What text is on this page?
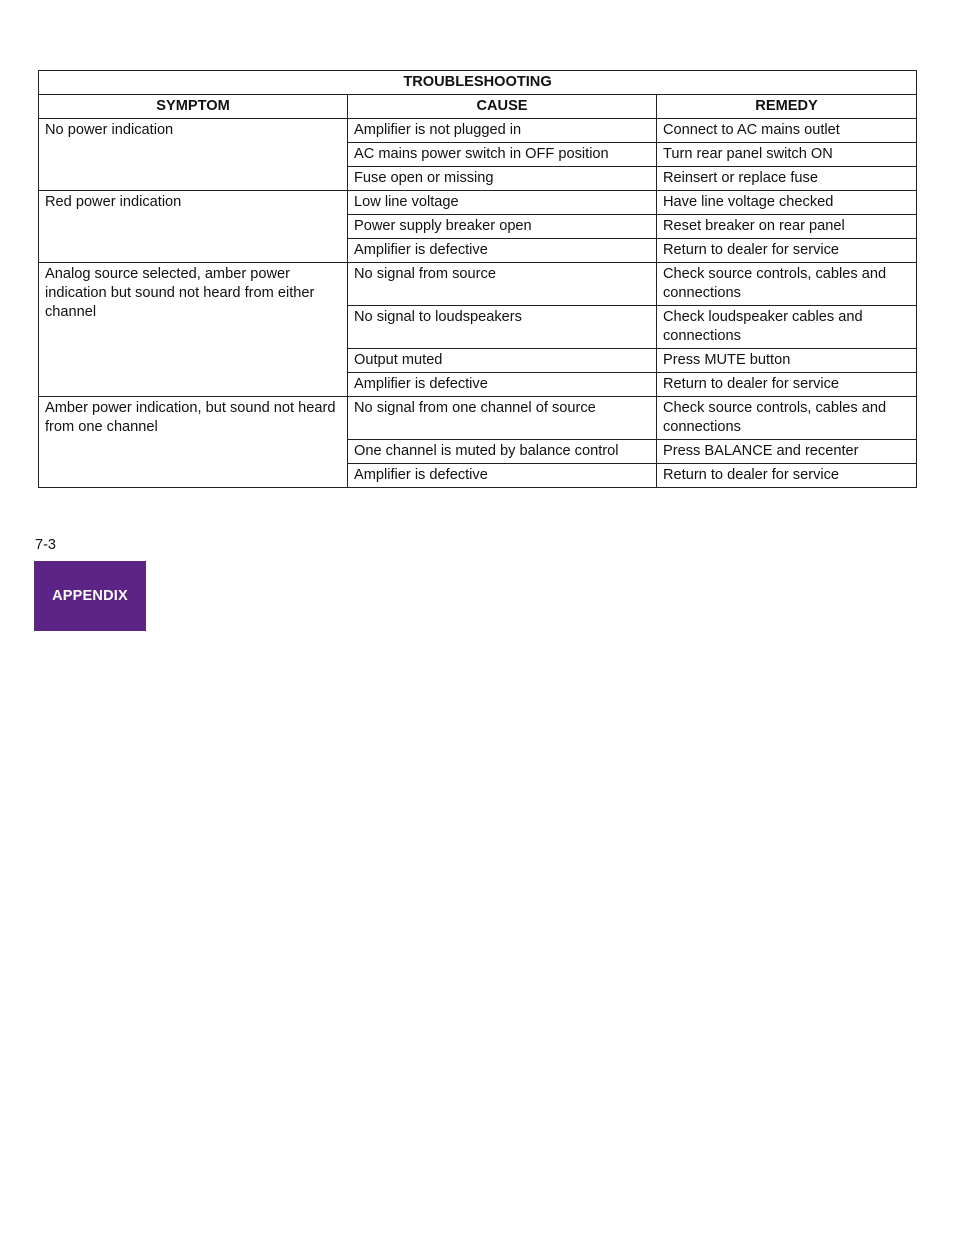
TROUBLESHOOTING		
SYMPTOM	CAUSE	REMEDY
No power indication	Amplifier is not plugged in	Connect to AC mains outlet
	AC mains power switch in OFF position	Turn rear panel switch ON
	Fuse open or missing	Reinsert or replace fuse
Red power indication	Low line voltage	Have line voltage checked
	Power supply breaker open	Reset breaker on rear panel
	Amplifier is defective	Return to dealer for service
Analog source selected, amber power indication but sound not heard from either channel	No signal from source	Check source controls, cables and connections
	No signal to loudspeakers	Check loudspeaker cables and connections
	Output muted	Press MUTE button
	Amplifier is defective	Return to dealer for service
Amber power indication, but sound not heard from one channel	No signal from one channel of source	Check source controls, cables and connections
	One channel is muted by balance control	Press BALANCE and recenter
	Amplifier is defective	Return to dealer for service
7-3
APPENDIX
